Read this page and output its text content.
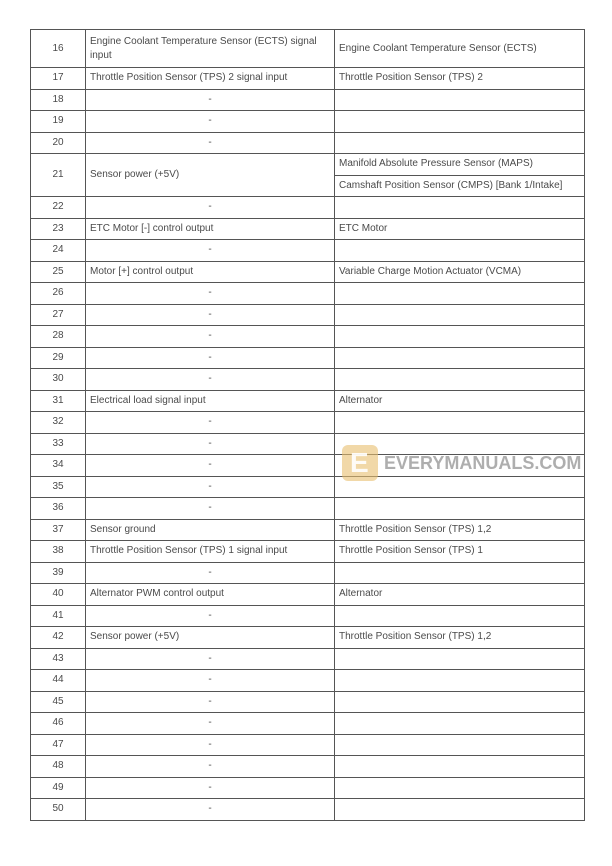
16	Engine Coolant Temperature Sensor (ECTS) signal input	Engine Coolant Temperature Sensor (ECTS)
17	Throttle Position Sensor (TPS) 2 signal input	Throttle Position Sensor (TPS) 2
18	-	
19	-	
20	-	
21	Sensor power (+5V)	Manifold Absolute Pressure Sensor (MAPS)
		Camshaft Position Sensor (CMPS) [Bank 1/Intake]
22	-	
23	ETC Motor [-] control output	ETC Motor
24	-	
25	Motor [+] control output	Variable Charge Motion Actuator (VCMA)
26	-	
27	-	
28	-	
29	-	
30	-	
31	Electrical load signal input	Alternator
32	-	
33	-	
34	-	
35	-	
36	-	
37	Sensor ground	Throttle Position Sensor (TPS) 1,2
38	Throttle Position Sensor (TPS) 1 signal input	Throttle Position Sensor (TPS) 1
39	-	
40	Alternator PWM control output	Alternator
41	-	
42	Sensor power (+5V)	Throttle Position Sensor (TPS) 1,2
43	-	
44	-	
45	-	
46	-	
47	-	
48	-	
49	-	
50	-	
E EVERYMANUALS.COM
